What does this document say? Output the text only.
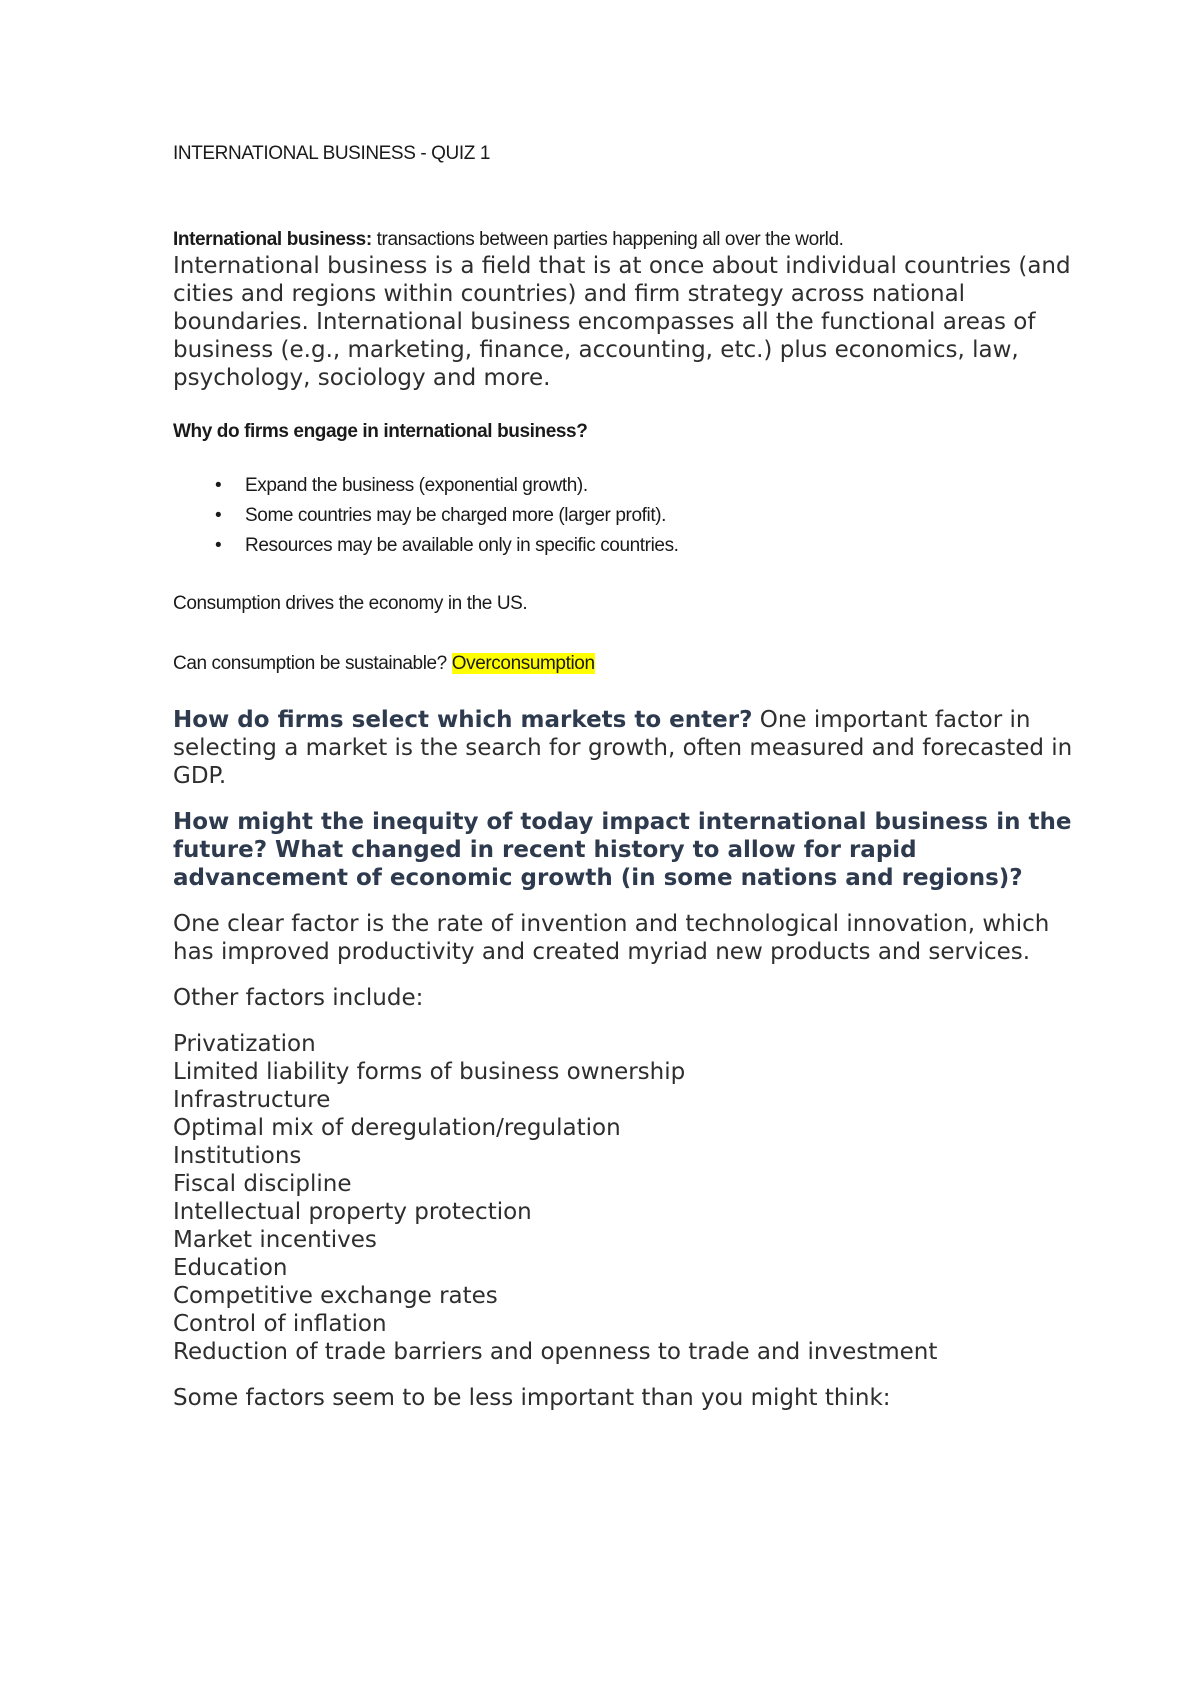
INTERNATIONAL BUSINESS - QUIZ 1
International business: transactions between parties happening all over the world.
International business is a field that is at once about individual countries (and cities and regions within countries) and firm strategy across national boundaries. International business encompasses all the functional areas of business (e.g., marketing, finance, accounting, etc.) plus economics, law, psychology, sociology and more.
Why do firms engage in international business?
• Expand the business (exponential growth).
• Some countries may be charged more (larger profit).
• Resources may be available only in specific countries.
Consumption drives the economy in the US.
Can consumption be sustainable? Overconsumption
How do firms select which markets to enter? One important factor in selecting a market is the search for growth, often measured and forecasted in GDP.
How might the inequity of today impact international business in the future? What changed in recent history to allow for rapid advancement of economic growth (in some nations and regions)?
One clear factor is the rate of invention and technological innovation, which has improved productivity and created myriad new products and services.
Other factors include:
Privatization
Limited liability forms of business ownership
Infrastructure
Optimal mix of deregulation/regulation
Institutions
Fiscal discipline
Intellectual property protection
Market incentives
Education
Competitive exchange rates
Control of inflation
Reduction of trade barriers and openness to trade and investment
Some factors seem to be less important than you might think:
